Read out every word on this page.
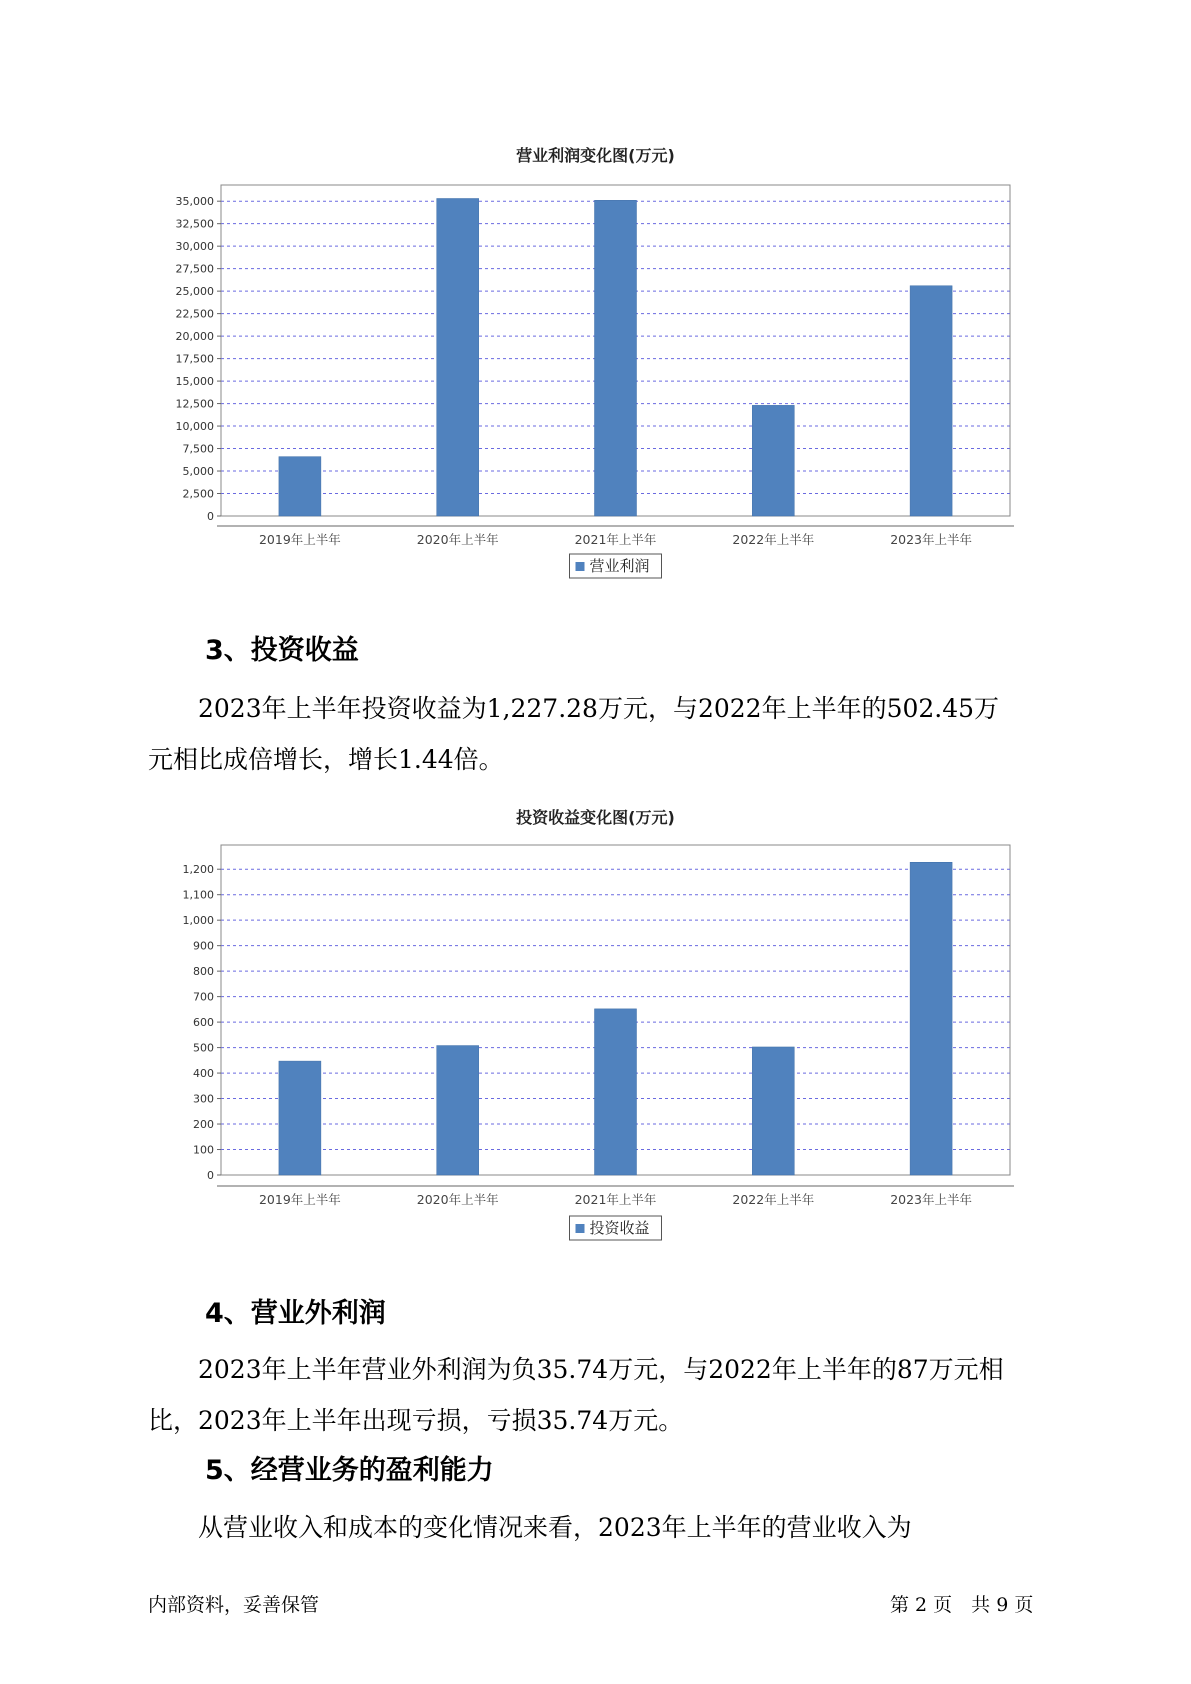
营业利润变化图(万元)
0
2,500
5,000
7,500
10,000
12,500
15,000
17,500
20,000
22,500
25,000
27,500
30,000
32,500
35,000
2019年上半年	2020年上半年	2021年上半年	2022年上半年	2023年上半年
营业利润
3、投资收益
　　2023年上半年投资收益为1,227.28万元，与2022年上半年的502.45万
元相比成倍增长，增长1.44倍。
投资收益变化图(万元)
0
100
200
300
400
500
600
700
800
900
1,000
1,100
1,200
2019年上半年	2020年上半年	2021年上半年	2022年上半年	2023年上半年
投资收益
4、营业外利润
　　2023年上半年营业外利润为负35.74万元，与2022年上半年的87万元相
比，2023年上半年出现亏损，亏损35.74万元。
5、经营业务的盈利能力
　　从营业收入和成本的变化情况来看，2023年上半年的营业收入为
内部资料，妥善保管	第 2 页　共 9 页
